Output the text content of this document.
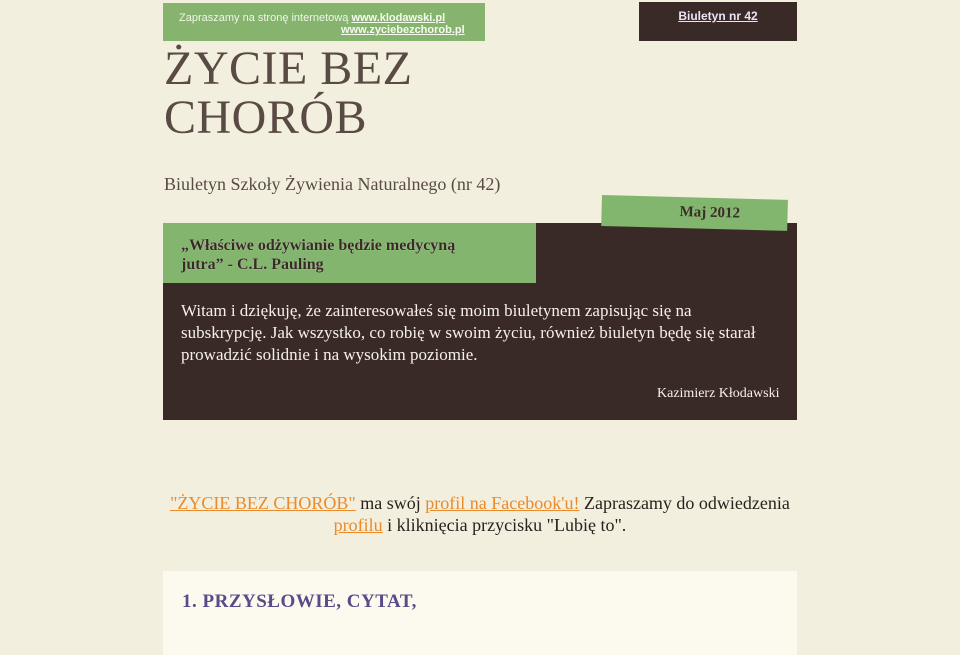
Zapraszamy na stronę internetową www.klodawski.pl
www.zyciebezchorob.pl
Biuletyn nr 42
ŻYCIE BEZ
CHORÓB
Biuletyn Szkoły Żywienia Naturalnego (nr 42)
Maj 2012
„Właściwe odżywianie będzie medycyną
jutra” - C.L. Pauling

Witam i dziękuję, że zainteresowałeś się moim biuletynem zapisując się na subskrypcję. Jak wszystko, co robię w swoim życiu, również biuletyn będę się starał prowadzić solidnie i na wysokim poziomie.

Kazimierz Kłodawski

"ŻYCIE BEZ CHORÓB" ma swój profil na Facebook'u! Zapraszamy do odwiedzenia profilu i kliknięcia przycisku "Lubię to".

1. PRZYSŁOWIE, CYTAT,
